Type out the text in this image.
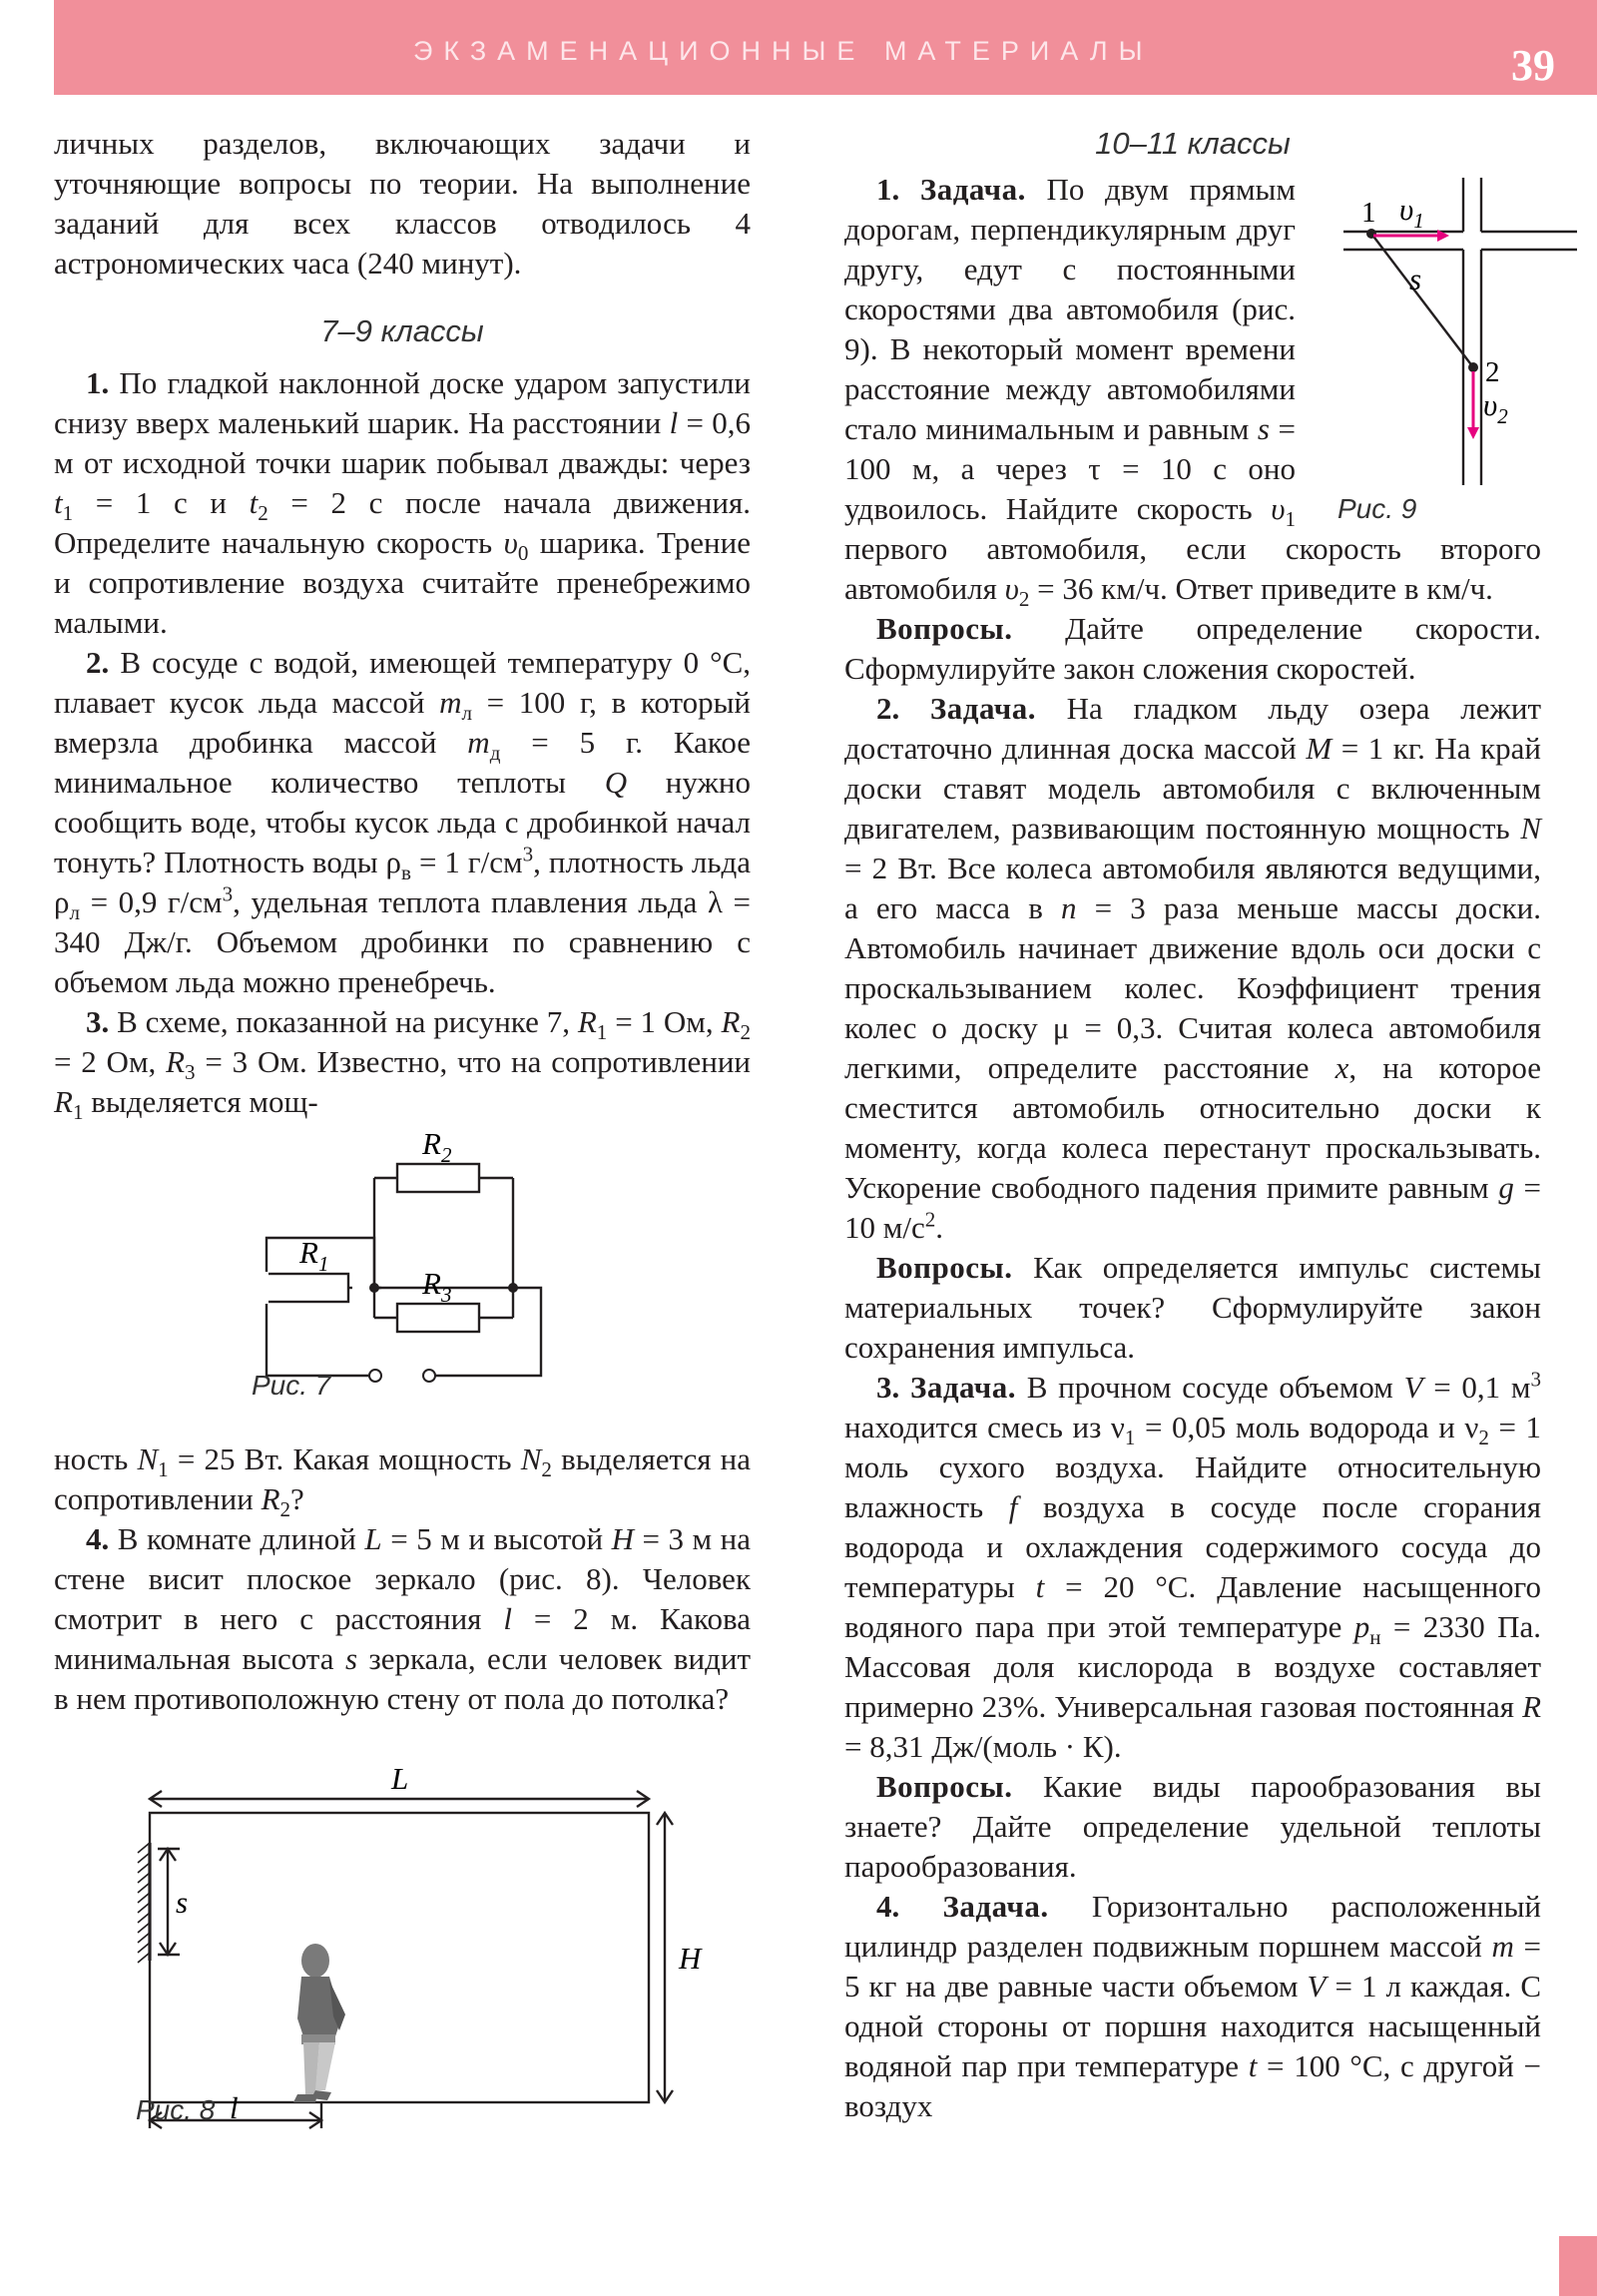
ЭКЗАМЕНАЦИОННЫЕ МАТЕРИАЛЫ	39

личных разделов, включающих задачи и уточняющие вопросы по теории. На выполнение заданий для всех классов отводилось 4 астрономических часа (240 минут).

7–9 классы

1. По гладкой наклонной доске ударом запустили снизу вверх маленький шарик. На расстоянии l = 0,6 м от исходной точки шарик побывал дважды: через $t_1 = 1$ с и $t_2 = 2$ с после начала движения. Определите начальную скорость $\upsilon_0$ шарика. Трение и сопротивление воздуха считайте пренебрежимо малыми.

2. В сосуде с водой, имеющей температуру 0 °С, плавает кусок льда массой $m_л = 100$ г, в который вмерзла дробинка массой $m_д = 5$ г. Какое минимальное количество теплоты Q нужно сообщить воде, чтобы кусок льда с дробинкой начал тонуть? Плотность воды $\rho_в = 1$ $г/см^3$, плотность льда $\rho_л = 0,9$ $г/см^3$, удельная теплота плавления льда λ = 340 Дж/г. Объемом дробинки по сравнению с объемом льда можно пренебречь.

3. В схеме, показанной на рисунке 7, $R_1 = 1$ Ом, $R_2 = 2$ Ом, $R_3 = 3$ Ом. Известно, что на сопротивлении $R_1$ выделяется мощ-

$R_1$
$R_2$
$R_3$
Рис. 7

ность $N_1 = 25$ Вт. Какая мощность $N_2$ выделяется на сопротивлении $R_2$?

4. В комнате длиной L = 5 м и высотой H = 3 м на стене висит плоское зеркало (рис. 8). Человек смотрит в него с расстояния l = 2 м. Какова минимальная высота s зеркала, если человек видит в нем противоположную стену от пола до потолка?

L
H
s
l
Рис. 8

10–11 классы

1
2
s
$\upsilon_1$
$\upsilon_2$
Рис. 9
1. Задача. По двум прямым дорогам, перпендикулярным друг другу, едут с постоянными скоростями два автомобиля (рис. 9). В некоторый момент времени расстояние между автомобилями стало минимальным и равным s = 100 м, а через τ = 10 с оно удвоилось. Найдите скорость $\upsilon_1$ первого автомобиля, если скорость второго автомобиля $\upsilon_2 = 36$ км/ч. Ответ приведите в км/ч.

Вопросы. Дайте определение скорости. Сформулируйте закон сложения скоростей.

2. Задача. На гладком льду озера лежит достаточно длинная доска массой M = 1 кг. На край доски ставят модель автомобиля с включенным двигателем, развивающим постоянную мощность N = 2 Вт. Все колеса автомобиля являются ведущими, а его масса в n = 3 раза меньше массы доски. Автомобиль начинает движение вдоль оси доски с проскальзыванием колес. Коэффициент трения колес о доску μ = 0,3. Считая колеса автомобиля легкими, определите расстояние x, на которое сместится автомобиль относительно доски к моменту, когда колеса перестанут проскальзывать. Ускорение свободного падения примите равным g = 10 $м/с^2$.

Вопросы. Как определяется импульс системы материальных точек? Сформулируйте закон сохранения импульса.

3. Задача. В прочном сосуде объемом V = 0,1 $м^3$ находится смесь из $\nu_1 = 0,05$ моль водорода и $\nu_2 = 1$ моль сухого воздуха. Найдите относительную влажность f воздуха в сосуде после сгорания водорода и охлаждения содержимого сосуда до температуры t = 20 °С. Давление насыщенного водяного пара при этой температуре $p_н = 2330$ Па. Массовая доля кислорода в воздухе составляет примерно 23%. Универсальная газовая постоянная R = 8,31 Дж/(моль · К).

Вопросы. Какие виды парообразования вы знаете? Дайте определение удельной теплоты парообразования.

4. Задача. Горизонтально расположенный цилиндр разделен подвижным поршнем массой m = 5 кг на две равные части объемом V = 1 л каждая. С одной стороны от поршня находится насыщенный водяной пар при температуре t = 100 °С, с другой − воздух
